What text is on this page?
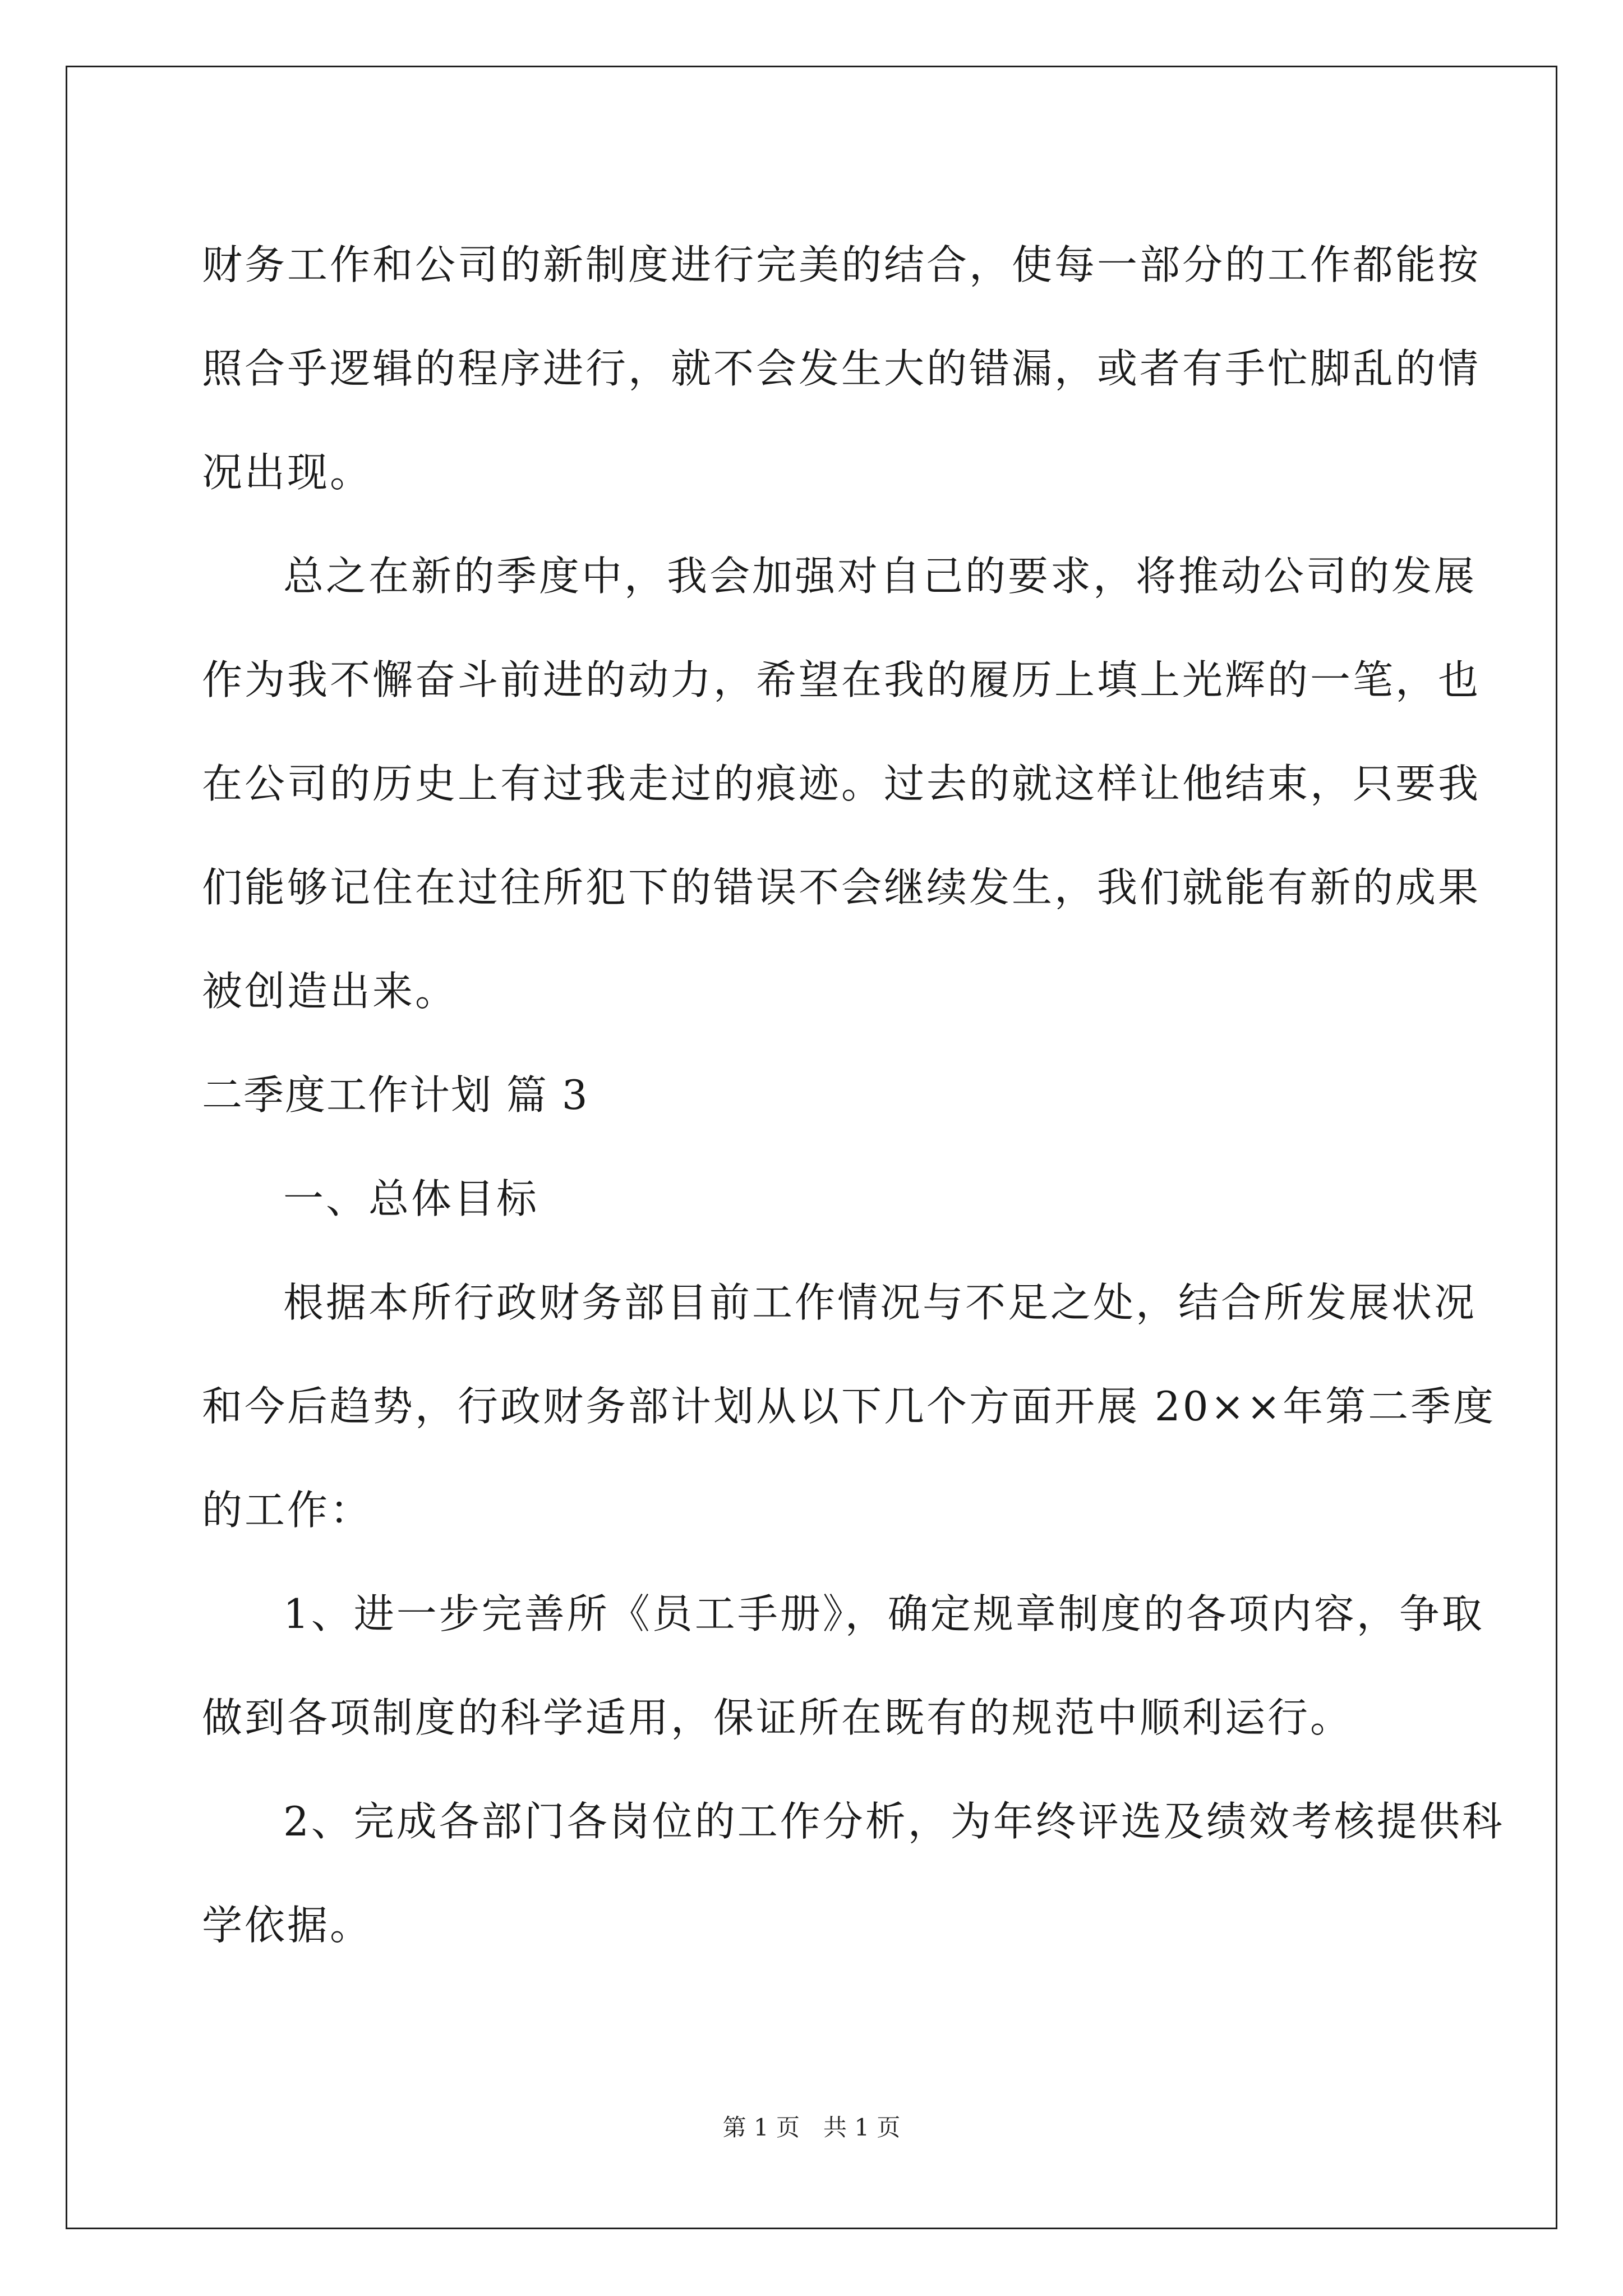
财务工作和公司的新制度进行完美的结合，使每一部分的工作都能按
照合乎逻辑的程序进行，就不会发生大的错漏，或者有手忙脚乱的情
况出现。
总之在新的季度中，我会加强对自己的要求，将推动公司的发展
作为我不懈奋斗前进的动力，希望在我的履历上填上光辉的一笔，也
在公司的历史上有过我走过的痕迹。过去的就这样让他结束，只要我
们能够记住在过往所犯下的错误不会继续发生，我们就能有新的成果
被创造出来。
二季度工作计划 篇 3
一、总体目标
根据本所行政财务部目前工作情况与不足之处，结合所发展状况
和今后趋势，行政财务部计划从以下几个方面开展 20××年第二季度
的工作：
1、进一步完善所《员工手册》，确定规章制度的各项内容，争取
做到各项制度的科学适用，保证所在既有的规范中顺利运行。
2、完成各部门各岗位的工作分析，为年终评选及绩效考核提供科
学依据。
第 1 页　共 1 页
